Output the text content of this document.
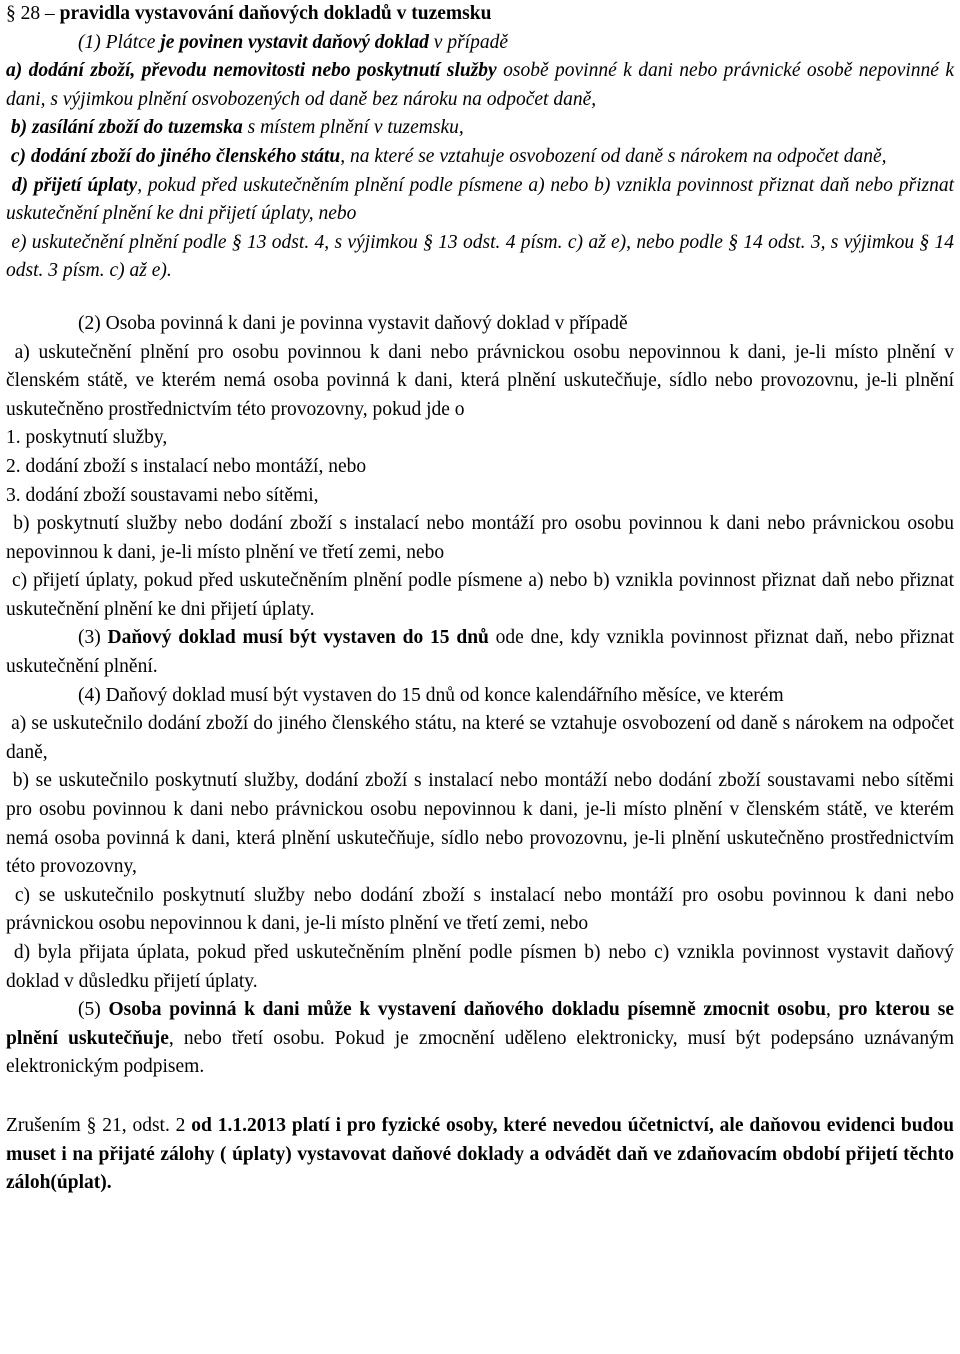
§ 28 – pravidla vystavování daňových dokladů v tuzemsku

(1) Plátce je povinen vystavit daňový doklad v případě

a) dodání zboží, převodu nemovitosti nebo poskytnutí služby osobě povinné k dani nebo právnické osobě nepovinné k dani, s výjimkou plnění osvobozených od daně bez nároku na odpočet daně,

b) zasílání zboží do tuzemska s místem plnění v tuzemsku,

c) dodání zboží do jiného členského státu, na které se vztahuje osvobození od daně s nárokem na odpočet daně,

d) přijetí úplaty, pokud před uskutečněním plnění podle písmene a) nebo b) vznikla povinnost přiznat daň nebo přiznat uskutečnění plnění ke dni přijetí úplaty, nebo

e) uskutečnění plnění podle § 13 odst. 4, s výjimkou § 13 odst. 4 písm. c) až e), nebo podle § 14 odst. 3, s výjimkou § 14 odst. 3 písm. c) až e).

(2) Osoba povinná k dani je povinna vystavit daňový doklad v případě

a) uskutečnění plnění pro osobu povinnou k dani nebo právnickou osobu nepovinnou k dani, je-li místo plnění v členském státě, ve kterém nemá osoba povinná k dani, která plnění uskutečňuje, sídlo nebo provozovnu, je-li plnění uskutečněno prostřednictvím této provozovny, pokud jde o

1. poskytnutí služby,

2. dodání zboží s instalací nebo montáží, nebo

3. dodání zboží soustavami nebo sítěmi,

b) poskytnutí služby nebo dodání zboží s instalací nebo montáží pro osobu povinnou k dani nebo právnickou osobu nepovinnou k dani, je-li místo plnění ve třetí zemi, nebo

c) přijetí úplaty, pokud před uskutečněním plnění podle písmene a) nebo b) vznikla povinnost přiznat daň nebo přiznat uskutečnění plnění ke dni přijetí úplaty.

(3) Daňový doklad musí být vystaven do 15 dnů ode dne, kdy vznikla povinnost přiznat daň, nebo přiznat uskutečnění plnění.

(4) Daňový doklad musí být vystaven do 15 dnů od konce kalendářního měsíce, ve kterém

a) se uskutečnilo dodání zboží do jiného členského státu, na které se vztahuje osvobození od daně s nárokem na odpočet daně,

b) se uskutečnilo poskytnutí služby, dodání zboží s instalací nebo montáží nebo dodání zboží soustavami nebo sítěmi pro osobu povinnou k dani nebo právnickou osobu nepovinnou k dani, je-li místo plnění v členském státě, ve kterém nemá osoba povinná k dani, která plnění uskutečňuje, sídlo nebo provozovnu, je-li plnění uskutečněno prostřednictvím této provozovny,

c) se uskutečnilo poskytnutí služby nebo dodání zboží s instalací nebo montáží pro osobu povinnou k dani nebo právnickou osobu nepovinnou k dani, je-li místo plnění ve třetí zemi, nebo

d) byla přijata úplata, pokud před uskutečněním plnění podle písmen b) nebo c) vznikla povinnost vystavit daňový doklad v důsledku přijetí úplaty.

(5) Osoba povinná k dani může k vystavení daňového dokladu písemně zmocnit osobu, pro kterou se plnění uskutečňuje, nebo třetí osobu. Pokud je zmocnění uděleno elektronicky, musí být podepsáno uznávaným elektronickým podpisem.

Zrušením § 21, odst. 2 od 1.1.2013 platí i pro fyzické osoby, které nevedou účetnictví, ale daňovou evidenci budou muset i na přijaté zálohy ( úplaty) vystavovat daňové doklady a odvádět daň ve zdaňovacím období přijetí těchto záloh(úplat).
